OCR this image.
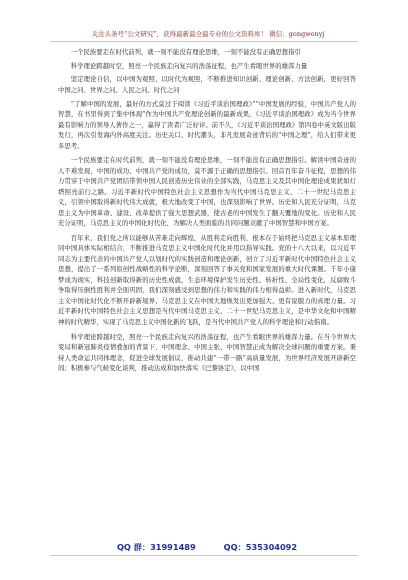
关注头条号“公文研究”，获得最新最全最专业的公文资料库！ 微信：gongwenyj

一个民族要走在时代前列，就一刻不能没有理论思维，一刻不能没有正确思想指引

科学理论跨越时空，照亮一个民族走向复兴的浩荡征程，也产生看眼世界的雄浑力量

坚定理论自信，以中国为观照、以时代为观照，不断推进知识创新、理论创新、方法创新，更好回答中国之问、世界之问、人民之问、时代之问

“了解中国的发展，最好的方式莫过于阅读《习近平谈治国理政》”“中国发展的经验，中国共产党人的智慧，在书里得到了集中体现”作为中国共产党理论创新的最新成果，《习近平谈治国理政》成为当今世界最有影响力的领导人著作之一，赢得了读者广泛好评。前不久，《习近平谈治国理政》第四卷中英文版出版发行，再次引发海内外高度关注。历史关口、时代潮头，非凡发展奇迹背后的“中国之理”，给人们带来更多思考。

一个民族要走在时代前列，就一刻不能没有理论思维，一刻不能没有正确思想指引。解读中国奇迹的人不难发现，中国的成功、中国共产党的成功，莫不源于正确的思想指引。回首百年奋斗征程，思想的伟力贯穿于中国共产党团结带领中国人民创造历史伟业的全部实践，马克思主义及其中国化理论成果犹如灯塔照亮前行之路。习近平新时代中国特色社会主义思想作为当代中国马克思主义、二十一世纪马克思主义，引领中国取得新时代伟大成就，极大地改变了中国，也深刻影响了世界。历史和人民充分证明，马克思主义为中国革命、建设、改革提供了强大思想武器，使古老的中国发生了翻天覆地的变化。历史和人民充分证明，马克思主义的中国化时代化，为解决人类面临的共同问题贡献了中国智慧和中国方案。

百年来，我们党之所以能够从苦难走向辉煌，从胜利走向胜利，根本在于始终把马克思主义基本原理同中国具体实际相结合，不断推进马克思主义中国化时代化并用以指导实践。党的十八大以来，以习近平同志为主要代表的中国共产党人以划时代的实践创造和理论创新，创立了习近平新时代中国特色社会主义思想，提出了一系列原创性战略性的科学论断，深刻回答了事关党和国家发展的重大时代课题。千年小康梦成为现实，科技创新取得新的历史性成就，生态环境保护发生历史性、转折性、全局性变化，反腐败斗争取得压倒性胜利并全面巩固，我们深刻感受到思想的伟力和实践的伟力相得益彰。进入新时代，马克思主义中国化时代化不断开辟新境界，马克思主义在中国大地焕发出更加强大、更有说服力的真理力量。习近平新时代中国特色社会主义思想是当代中国马克思主义、二十一世纪马克思主义，是中华文化和中国精神的时代精华，实现了马克思主义中国化新的飞跃，是当代中国共产党人的科学理论和行动指南。

科学理论跨越时空，照亮一个民族走向复兴的浩荡征程，也产生看眼世界的雄浑力量。在当今世界大变局和新冠肺炎疫情叠加的背景下，中国理念、中国主张、中国智慧正成为解决全球问题的重要方案。秉持人类命运共同体理念，促进全球发展倡议，推动共建“一带一路”高质量发展，为世界经济发展开辟新空间；积极参与气候变化谈判，推动达成和加快落实《巴黎协定》，以中国

QQ 群：31991489	QQ：535304092
